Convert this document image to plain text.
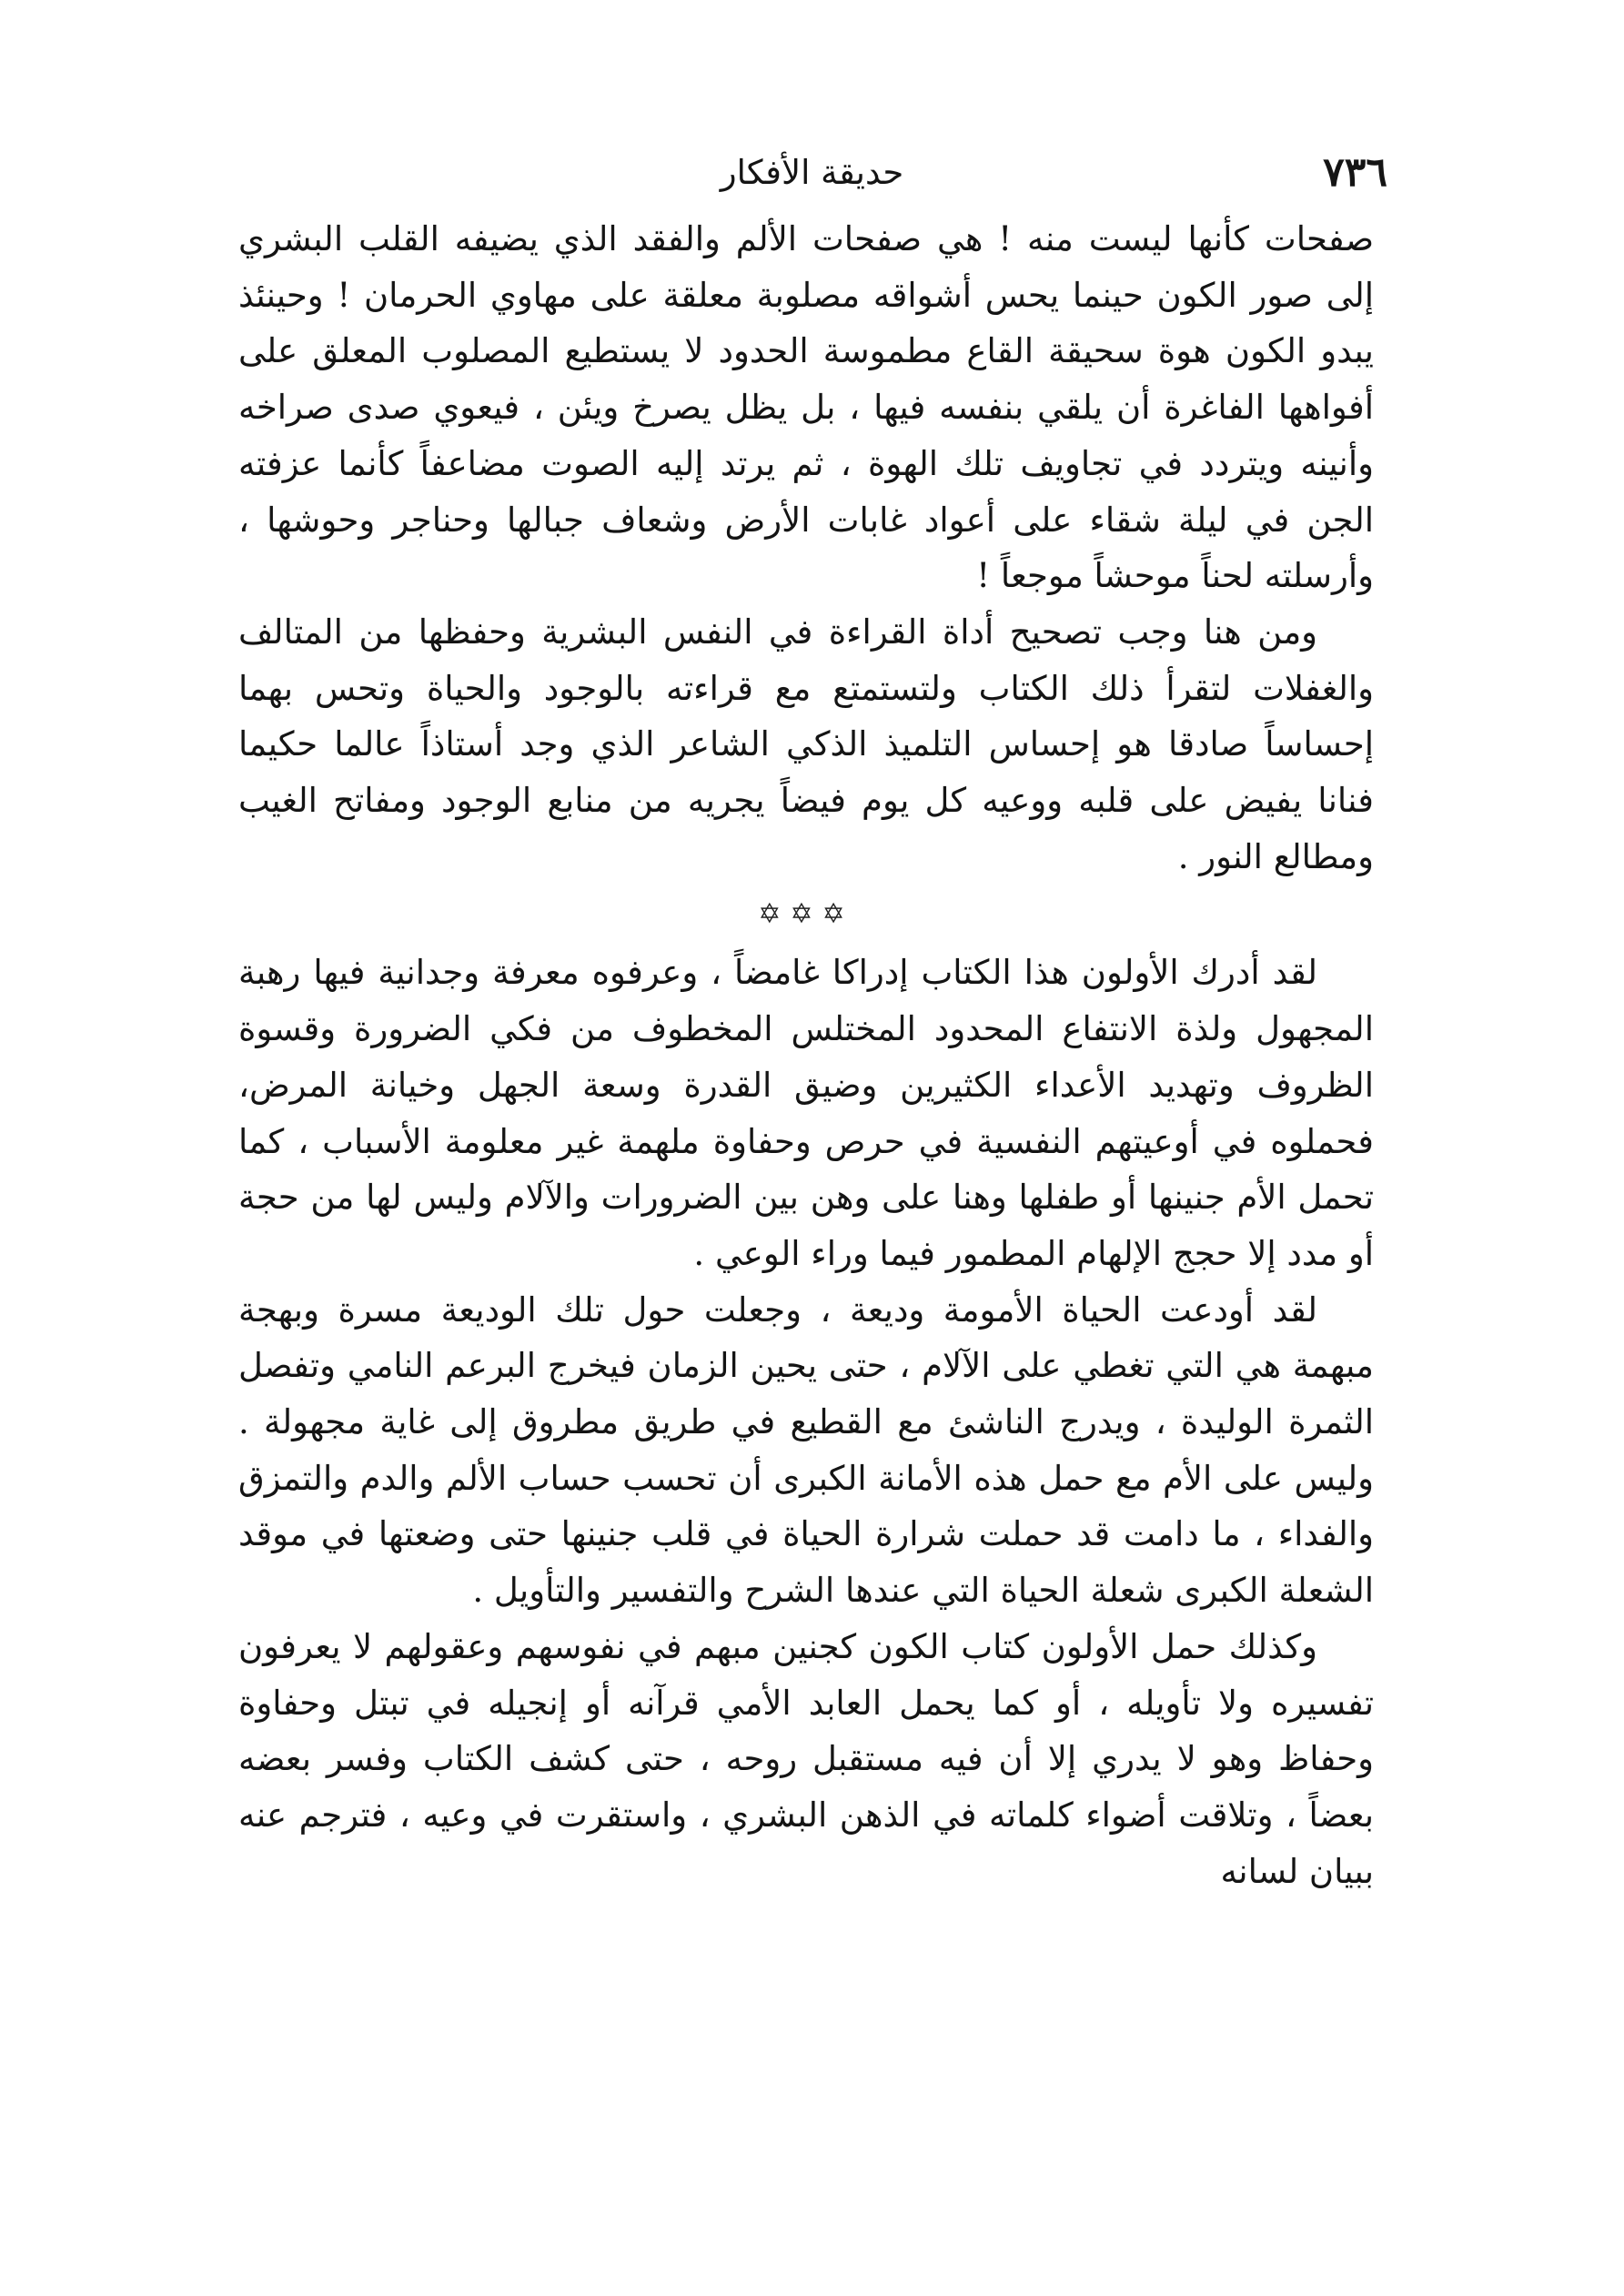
٧٣٦
حديقة الأفكار

صفحات كأنها ليست منه ! هي صفحات الألم والفقد الذي يضيفه القلب البشري إلى صور الكون حينما يحس أشواقه مصلوبة معلقة على مهاوي الحرمان ! وحينئذ يبدو الكون هوة سحيقة القاع مطموسة الحدود لا يستطيع المصلوب المعلق على أفواهها الفاغرة أن يلقي بنفسه فيها ، بل يظل يصرخ ويئن ، فيعوي صدى صراخه وأنينه ويتردد في تجاويف تلك الهوة ، ثم يرتد إليه الصوت مضاعفاً كأنما عزفته الجن في ليلة شقاء على أعواد غابات الأرض وشعاف جبالها وحناجر وحوشها ، وأرسلته لحناً موحشاً موجعاً !

ومن هنا وجب تصحيح أداة القراءة في النفس البشرية وحفظها من المتالف والغفلات لتقرأ ذلك الكتاب ولتستمتع مع قراءته بالوجود والحياة وتحس بهما إحساساً صادقا هو إحساس التلميذ الذكي الشاعر الذي وجد أستاذاً عالما حكيما فنانا يفيض على قلبه ووعيه كل يوم فيضاً يجريه من منابع الوجود ومفاتح الغيب ومطالع النور .

✡✡✡

لقد أدرك الأولون هذا الكتاب إدراكا غامضاً ، وعرفوه معرفة وجدانية فيها رهبة المجهول ولذة الانتفاع المحدود المختلس المخطوف من فكي الضرورة وقسوة الظروف وتهديد الأعداء الكثيرين وضيق القدرة وسعة الجهل وخيانة المرض، فحملوه في أوعيتهم النفسية في حرص وحفاوة ملهمة غير معلومة الأسباب ، كما تحمل الأم جنينها أو طفلها وهنا على وهن بين الضرورات والآلام وليس لها من حجة أو مدد إلا حجج الإلهام المطمور فيما وراء الوعي .

لقد أودعت الحياة الأمومة وديعة ، وجعلت حول تلك الوديعة مسرة وبهجة مبهمة هي التي تغطي على الآلام ، حتى يحين الزمان فيخرج البرعم النامي وتفصل الثمرة الوليدة ، ويدرج الناشئ مع القطيع في طريق مطروق إلى غاية مجهولة . وليس على الأم مع حمل هذه الأمانة الكبرى أن تحسب حساب الألم والدم والتمزق والفداء ، ما دامت قد حملت شرارة الحياة في قلب جنينها حتى وضعتها في موقد الشعلة الكبرى شعلة الحياة التي عندها الشرح والتفسير والتأويل .

وكذلك حمل الأولون كتاب الكون كجنين مبهم في نفوسهم وعقولهم لا يعرفون تفسيره ولا تأويله ، أو كما يحمل العابد الأمي قرآنه أو إنجيله في تبتل وحفاوة وحفاظ وهو لا يدري إلا أن فيه مستقبل روحه ، حتى كشف الكتاب وفسر بعضه بعضاً ، وتلاقت أضواء كلماته في الذهن البشري ، واستقرت في وعيه ، فترجم عنه ببيان لسانه
